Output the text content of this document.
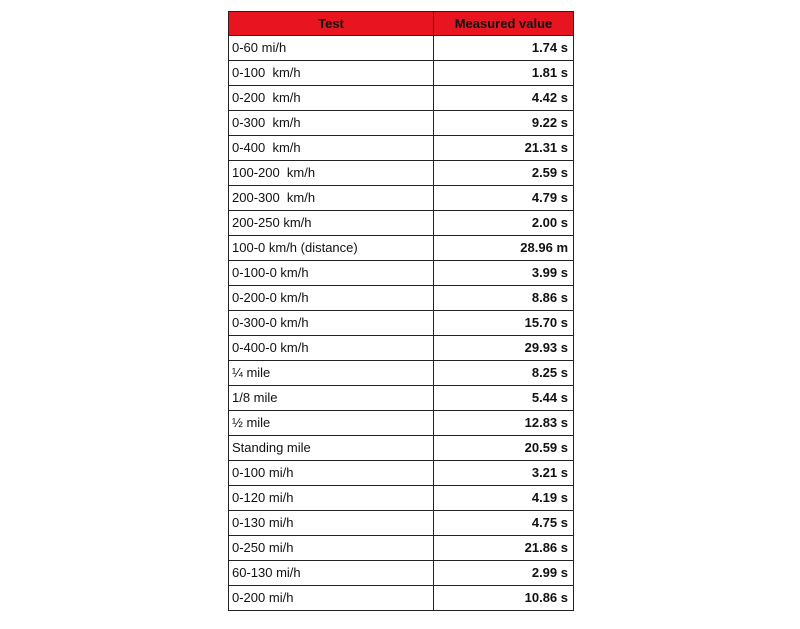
Test	Measured value
0-60 mi/h	1.74 s
0-100  km/h	1.81 s
0-200  km/h	4.42 s
0-300  km/h	9.22 s
0-400  km/h	21.31 s
100-200  km/h	2.59 s
200-300  km/h	4.79 s
200-250 km/h	2.00 s
100-0 km/h (distance)	28.96 m
0-100-0 km/h	3.99 s
0-200-0 km/h	8.86 s
0-300-0 km/h	15.70 s
0-400-0 km/h	29.93 s
¼ mile	8.25 s
1/8 mile	5.44 s
½ mile	12.83 s
Standing mile	20.59 s
0-100 mi/h	3.21 s
0-120 mi/h	4.19 s
0-130 mi/h	4.75 s
0-250 mi/h	21.86 s
60-130 mi/h	2.99 s
0-200 mi/h	10.86 s
